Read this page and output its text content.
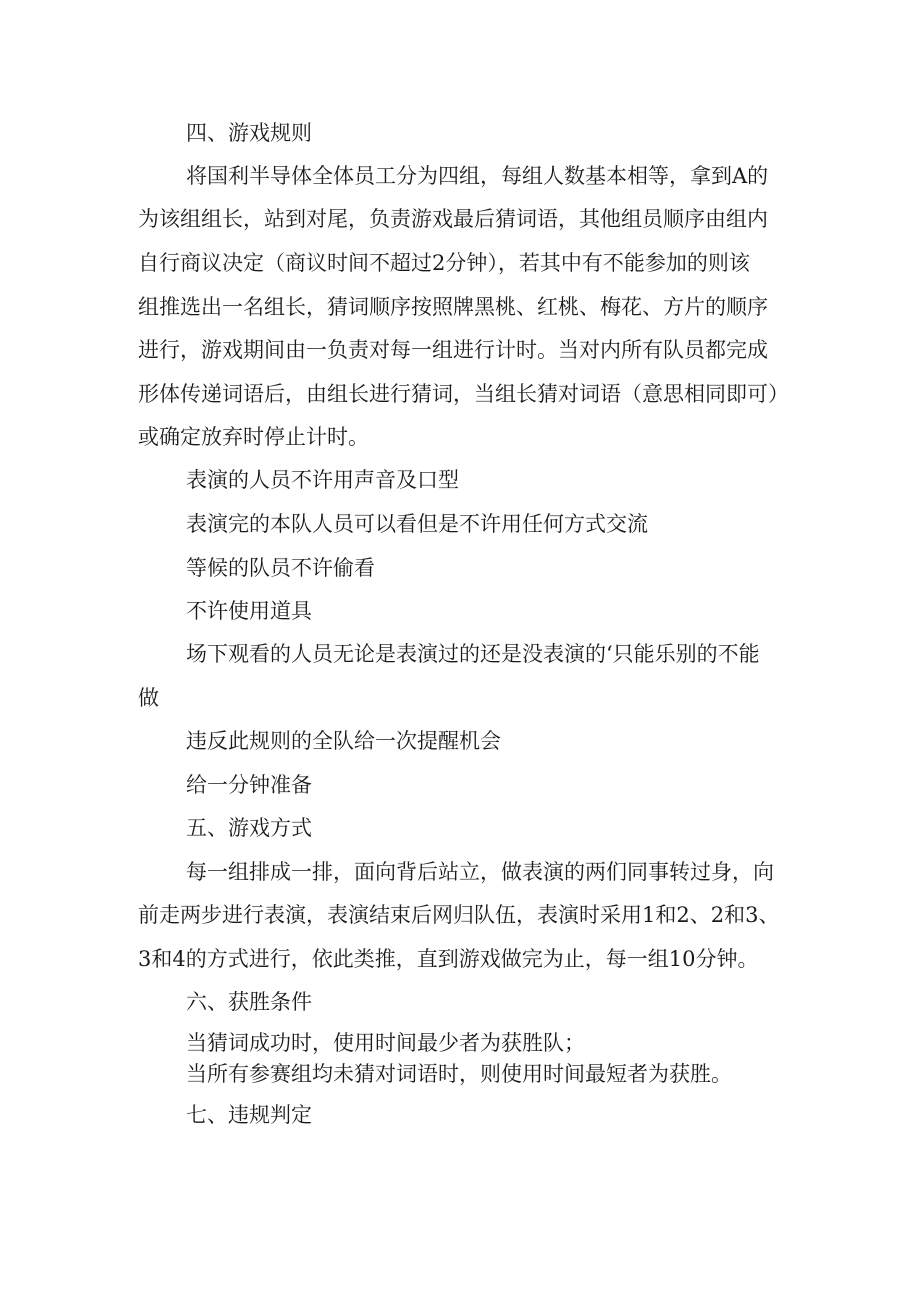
四、游戏规则
将国利半导体全体员工分为四组，每组人数基本相等，拿到A的
为该组组长，站到对尾，负责游戏最后猜词语，其他组员顺序由组内
自行商议决定（商议时间不超过2分钟），若其中有不能参加的则该
组推选出一名组长，猜词顺序按照牌黑桃、红桃、梅花、方片的顺序
进行，游戏期间由一负责对每一组进行计时。当对内所有队员都完成
形体传递词语后，由组长进行猜词，当组长猜对词语（意思相同即可）
或确定放弃时停止计时。
表演的人员不许用声音及口型
表演完的本队人员可以看但是不许用任何方式交流
等候的队员不许偷看
不许使用道具
场下观看的人员无论是表演过的还是没表演的‘只能乐别的不能
做
违反此规则的全队给一次提醒机会
给一分钟准备
五、游戏方式
每一组排成一排，面向背后站立，做表演的两们同事转过身，向
前走两步进行表演，表演结束后网归队伍，表演时采用1和2、2和3、
3和4的方式进行，依此类推，直到游戏做完为止，每一组10分钟。
六、获胜条件
当猜词成功时，使用时间最少者为获胜队；
当所有参赛组均未猜对词语时，则使用时间最短者为获胜。
七、违规判定
